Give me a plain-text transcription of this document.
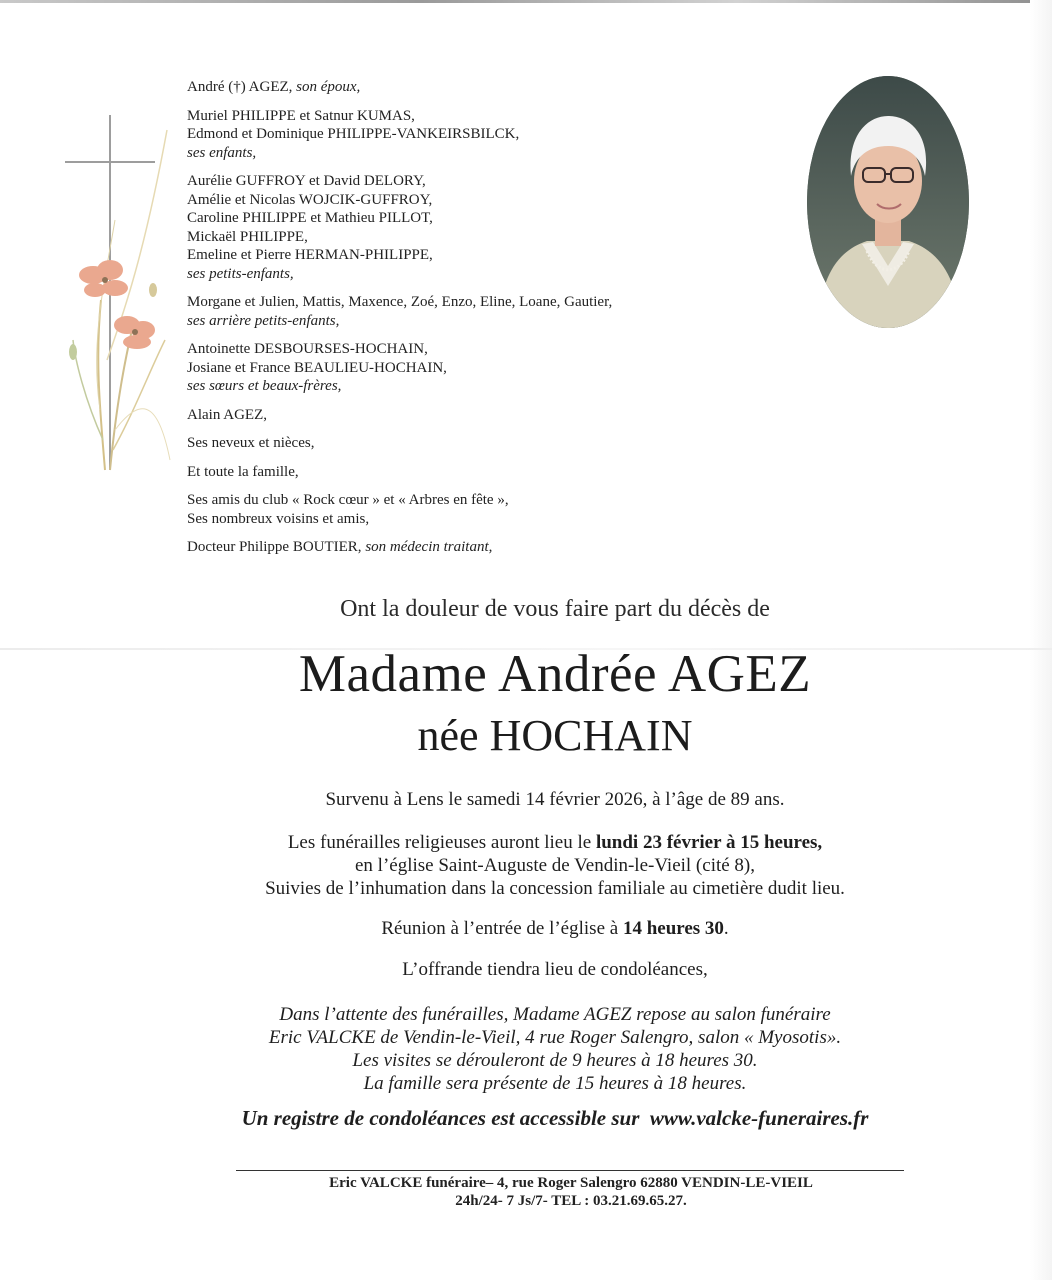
André (†) AGEZ, son époux,
Muriel PHILIPPE et Satnur KUMAS,
Edmond et Dominique PHILIPPE-VANKEIRSBILCK,
ses enfants,
Aurélie GUFFROY et David DELORY,
Amélie et Nicolas WOJCIK-GUFFROY,
Caroline PHILIPPE et Mathieu PILLOT,
Mickaël PHILIPPE,
Emeline et Pierre HERMAN-PHILIPPE,
ses petits-enfants,
Morgane et Julien, Mattis, Maxence, Zoé, Enzo, Eline, Loane, Gautier,
ses arrière petits-enfants,
Antoinette DESBOURSES-HOCHAIN,
Josiane et France BEAULIEU-HOCHAIN,
ses sœurs et beaux-frères,
Alain AGEZ,
Ses neveux et nièces,
Et toute la famille,
Ses amis du club « Rock cœur » et « Arbres en fête »,
Ses nombreux voisins et amis,
Docteur Philippe BOUTIER, son médecin traitant,
Ont la douleur de vous faire part du décès de
Madame Andrée AGEZ
née HOCHAIN
Survenu à Lens le samedi 14 février 2026, à l’âge de 89 ans.
Les funérailles religieuses auront lieu le lundi 23 février à 15 heures,
en l’église Saint-Auguste de Vendin-le-Vieil (cité 8),
Suivies de l’inhumation dans la concession familiale au cimetière dudit lieu.
Réunion à l’entrée de l’église à 14 heures 30.
L’offrande tiendra lieu de condoléances,
Dans l’attente des funérailles, Madame AGEZ repose au salon funéraire
Eric VALCKE de Vendin-le-Vieil, 4 rue Roger Salengro, salon « Myosotis».
Les visites se dérouleront de 9 heures à 18 heures 30.
La famille sera présente de 15 heures à 18 heures.
Un registre de condoléances est accessible sur www.valcke-funeraires.fr
Eric VALCKE funéraire– 4, rue Roger Salengro 62880 VENDIN-LE-VIEIL
24h/24- 7 Js/7- TEL : 03.21.69.65.27.
